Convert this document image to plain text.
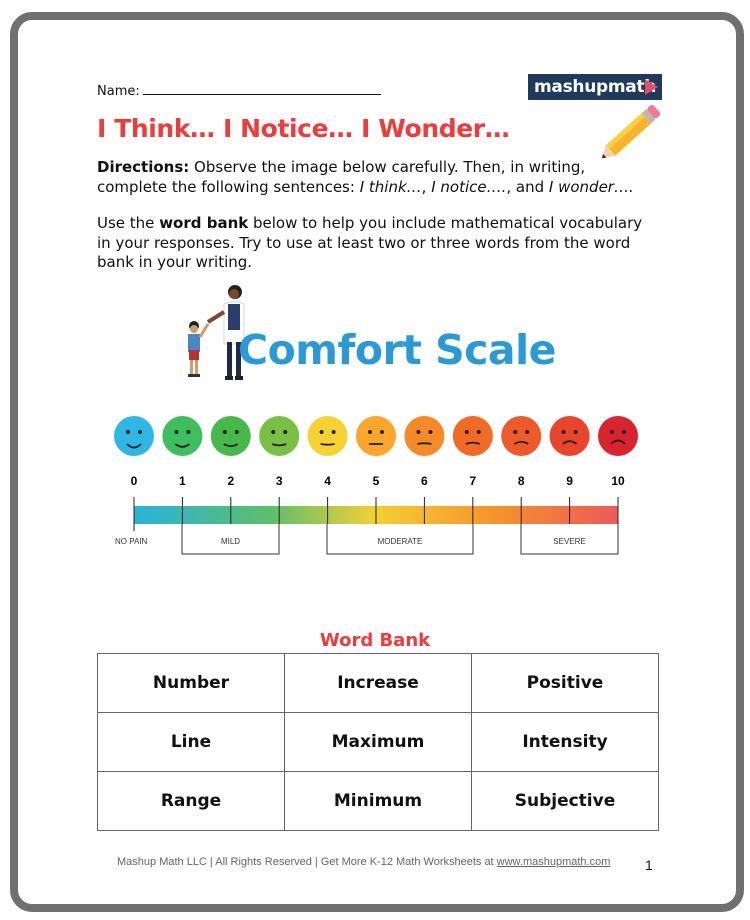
Name:	mashupmath
I Think… I Notice… I Wonder…
Directions: Observe the image below carefully. Then, in writing, complete the following sentences: I think…, I notice…., and I wonder….
Use the word bank below to help you include mathematical vocabulary in your responses. Try to use at least two or three words from the word bank in your writing.
Comfort Scale
0	1	2	3	4	5	6	7	8	9	10
NO PAIN	MILD	MODERATE	SEVERE
Word Bank
Number	Increase	Positive
Line	Maximum	Intensity
Range	Minimum	Subjective
Mashup Math LLC | All Rights Reserved | Get More K-12 Math Worksheets at www.mashupmath.com 1
